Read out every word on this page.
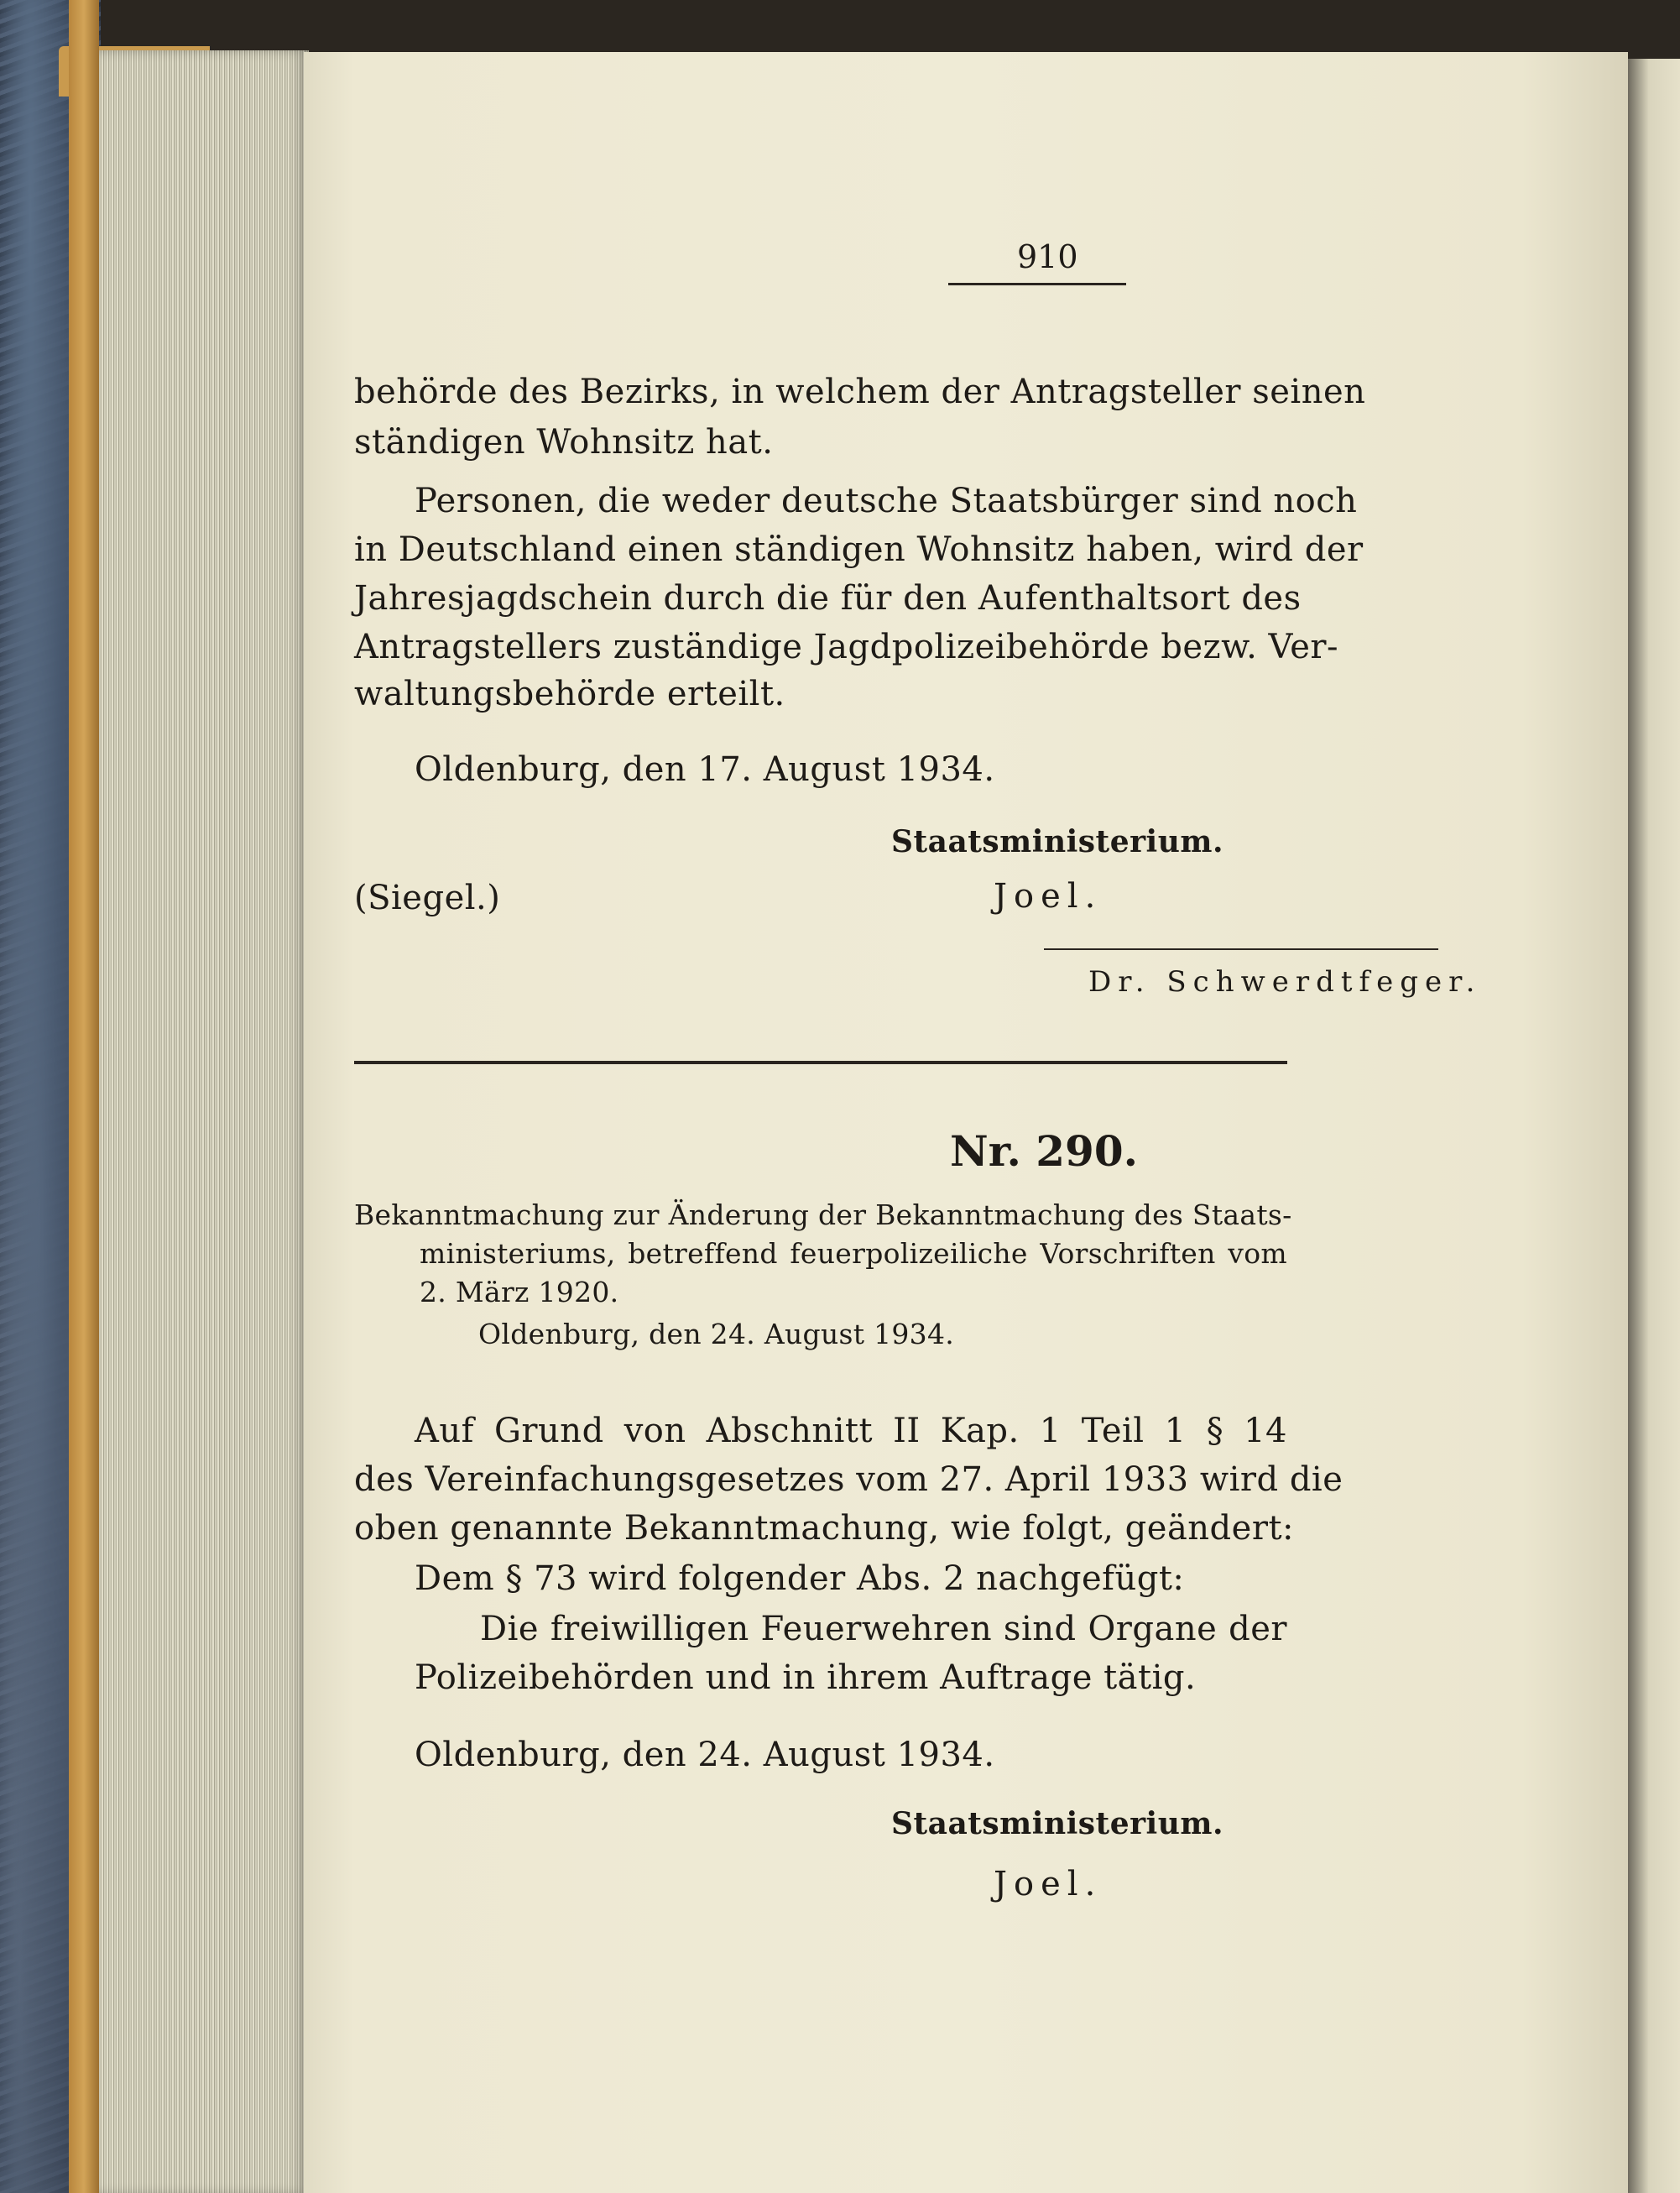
910
behörde des Bezirks, in welchem der Antragsteller seinen
ständigen Wohnsitz hat.
Personen, die weder deutsche Staatsbürger sind noch
in Deutschland einen ständigen Wohnsitz haben, wird der
Jahresjagdschein durch die für den Aufenthaltsort des
Antragstellers zuständige Jagdpolizeibehörde bezw. Ver-
waltungsbehörde erteilt.
Oldenburg, den 17. August 1934.
Staatsministerium.
(Siegel.)	Joel.
Dr. Schwerdtfeger.
Nr. 290.
Bekanntmachung zur Änderung der Bekanntmachung des Staats-
ministeriums, betreffend feuerpolizeiliche Vorschriften vom
2. März 1920.
Oldenburg, den 24. August 1934.
Auf Grund von Abschnitt II Kap. 1 Teil 1 § 14
des Vereinfachungsgesetzes vom 27. April 1933 wird die
oben genannte Bekanntmachung, wie folgt, geändert:
Dem § 73 wird folgender Abs. 2 nachgefügt:
Die freiwilligen Feuerwehren sind Organe der
Polizeibehörden und in ihrem Auftrage tätig.
Oldenburg, den 24. August 1934.
Staatsministerium.
Joel.
